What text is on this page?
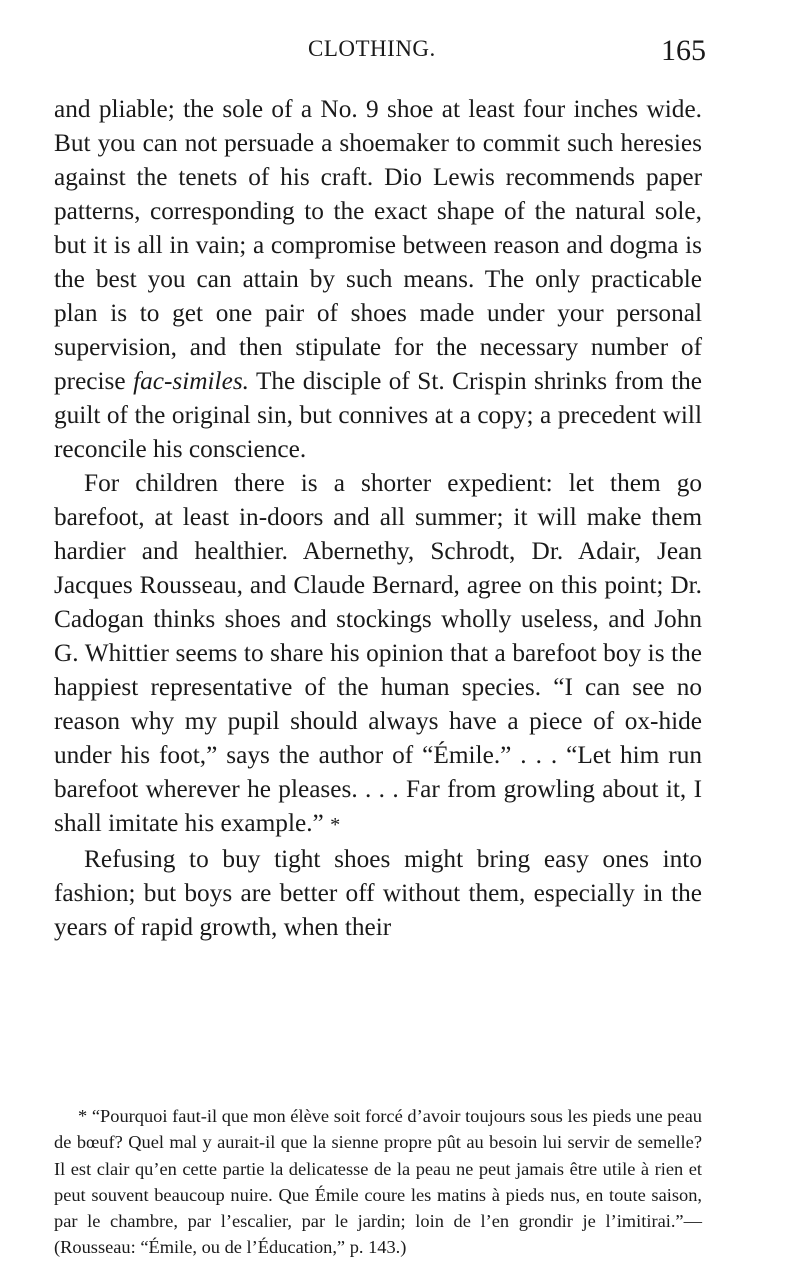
CLOTHING.	165

and pliable; the sole of a No. 9 shoe at least four inches wide. But you can not persuade a shoemaker to commit such heresies against the tenets of his craft. Dio Lewis recommends paper patterns, corresponding to the exact shape of the natural sole, but it is all in vain; a compromise between reason and dogma is the best you can attain by such means. The only practicable plan is to get one pair of shoes made under your personal supervision, and then stipulate for the necessary number of precise fac-similes. The disciple of St. Crispin shrinks from the guilt of the original sin, but connives at a copy; a precedent will reconcile his conscience.

For children there is a shorter expedient: let them go barefoot, at least in-doors and all summer; it will make them hardier and healthier. Abernethy, Schrodt, Dr. Adair, Jean Jacques Rousseau, and Claude Bernard, agree on this point; Dr. Cadogan thinks shoes and stockings wholly useless, and John G. Whittier seems to share his opinion that a barefoot boy is the happiest representative of the human species. “I can see no reason why my pupil should always have a piece of ox-hide under his foot,” says the author of “Émile.” . . . “Let him run barefoot wherever he pleases. . . . Far from growling about it, I shall imitate his example.” *

Refusing to buy tight shoes might bring easy ones into fashion; but boys are better off without them, especially in the years of rapid growth, when their

* “Pourquoi faut-il que mon élève soit forcé d’avoir toujours sous les pieds une peau de bœuf? Quel mal y aurait-il que la sienne propre pût au besoin lui servir de semelle? Il est clair qu’en cette partie la delicatesse de la peau ne peut jamais être utile à rien et peut souvent beaucoup nuire. Que Émile coure les matins à pieds nus, en toute saison, par le chambre, par l’escalier, par le jardin; loin de l’en grondir je l’imitirai.”—(Rousseau: “Émile, ou de l’Éducation,” p. 143.)
